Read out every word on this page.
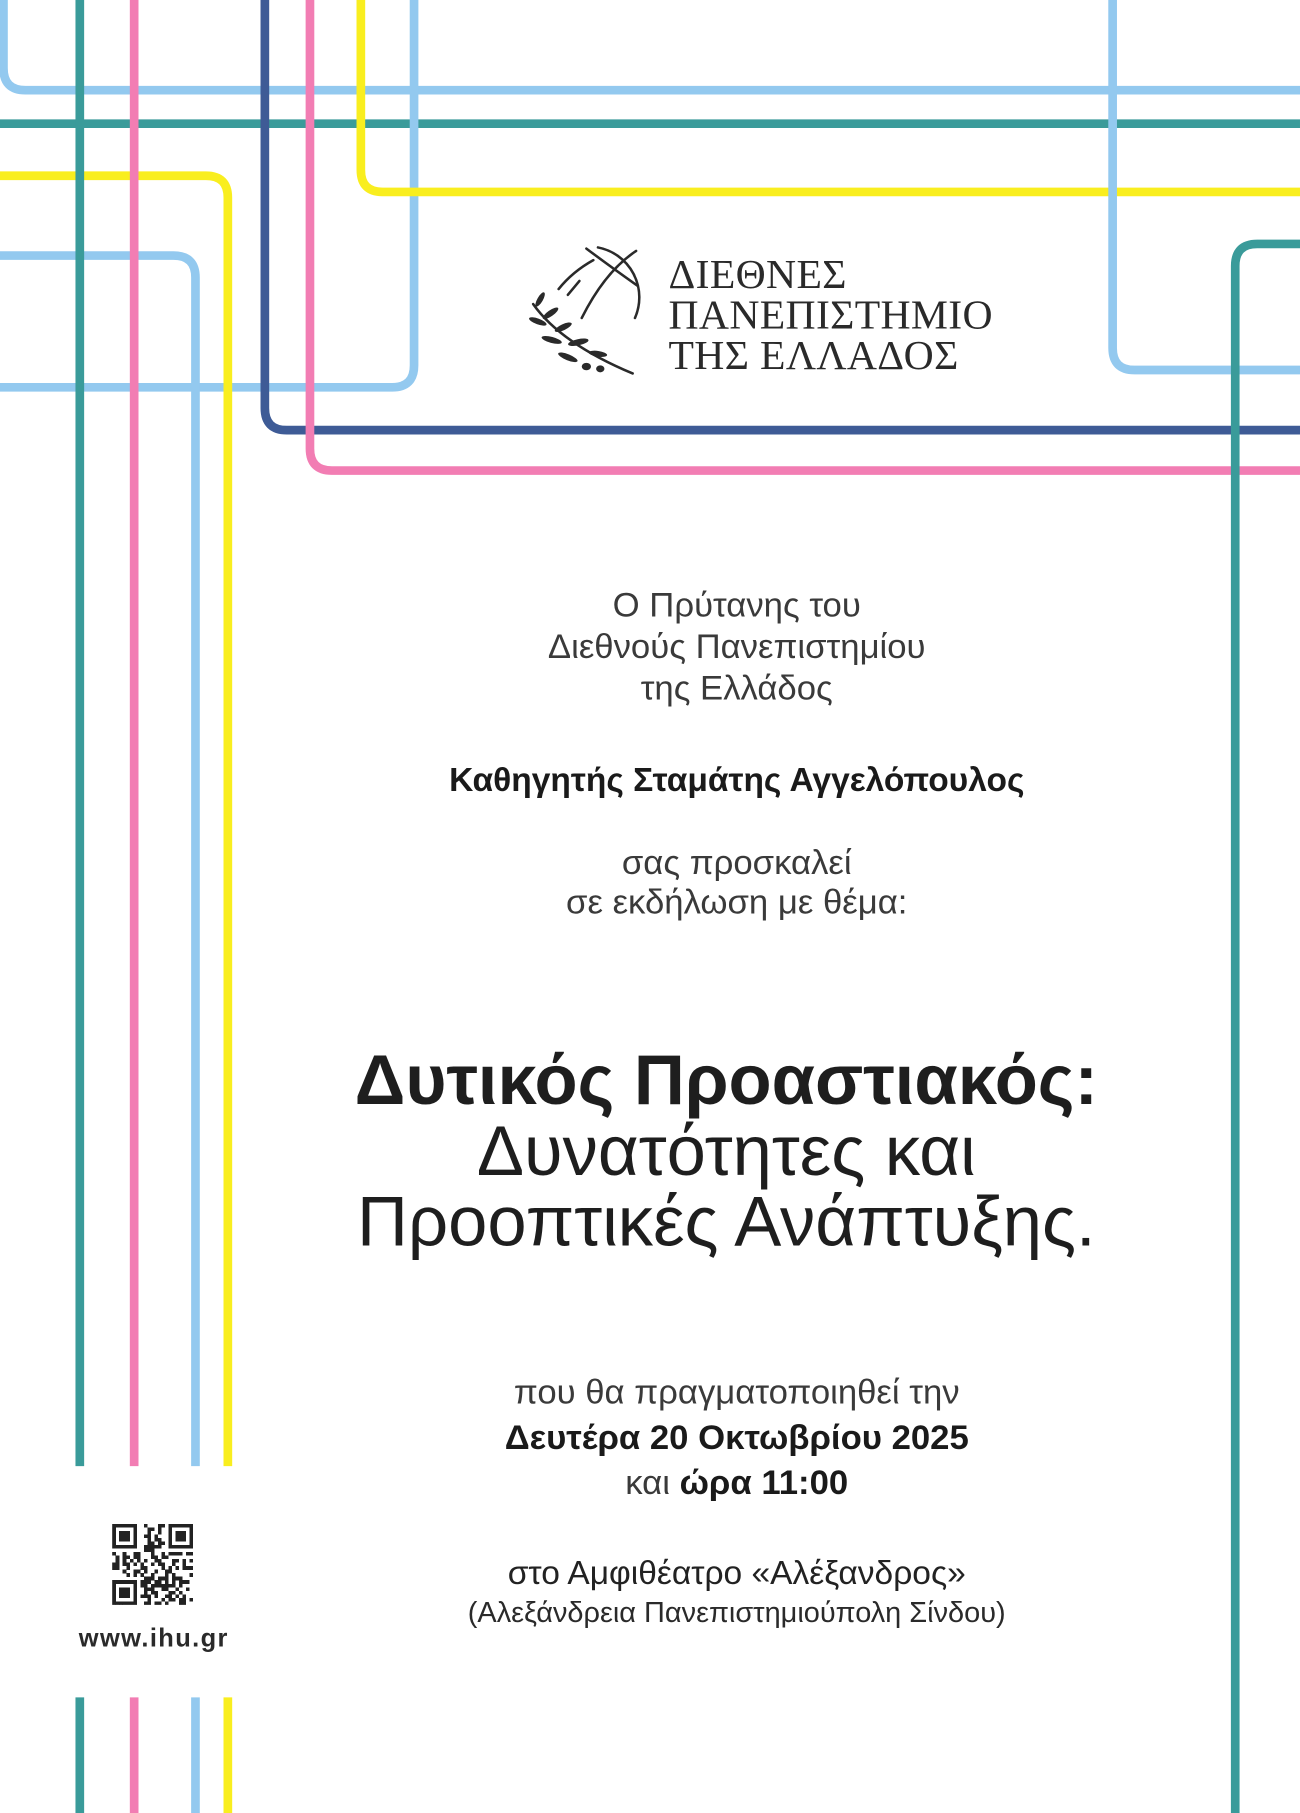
ΔΙΕΘΝΕΣ
ΠΑΝΕΠΙΣΤΗΜΙΟ
ΤΗΣ ΕΛΛΑΔΟΣ
Ο Πρύτανης του
Διεθνούς Πανεπιστημίου
της Ελλάδος
Καθηγητής Σταμάτης Αγγελόπουλος
σας προσκαλεί
σε εκδήλωση με θέμα:
Δυτικός Προαστιακός:
Δυνατότητες και
Προοπτικές Ανάπτυξης.
που θα πραγματοποιηθεί την
Δευτέρα 20 Οκτωβρίου 2025
και ώρα 11:00
στο Αμφιθέατρο «Αλέξανδρος»
(Αλεξάνδρεια Πανεπιστημιούπολη Σίνδου)
www.ihu.gr
